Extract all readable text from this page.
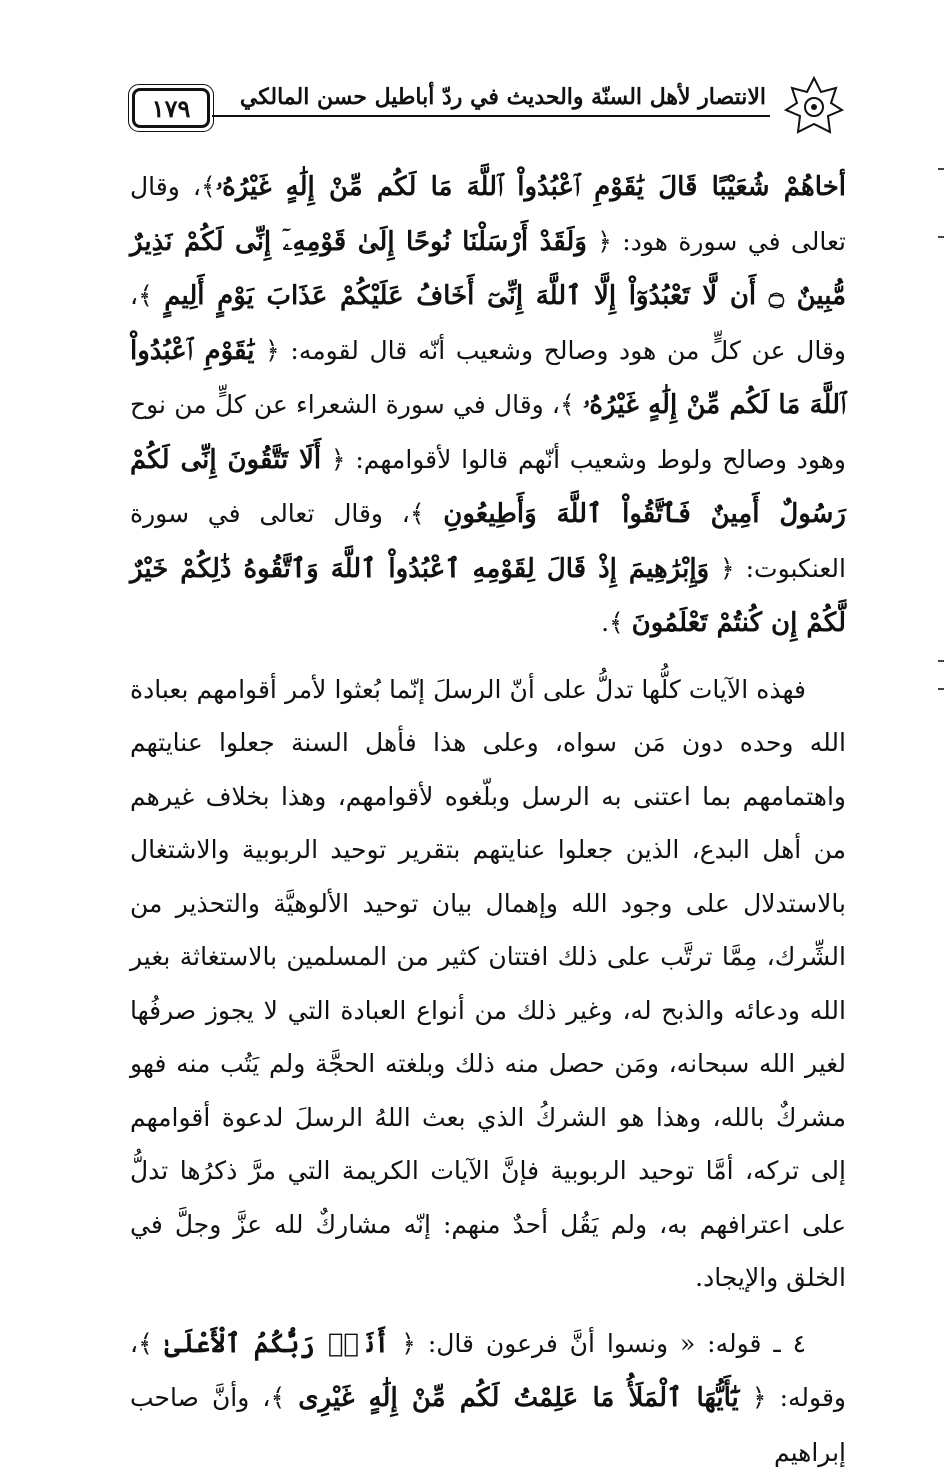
١٧٩	الانتصار لأهل السنّة والحديث في ردّ أباطيل حسن المالكي

أخاهُمْ شُعَيْبًا قَالَ يَٰقَوْمِ ٱعْبُدُواْ ٱللَّهَ مَا لَكُم مِّنْ إِلَٰهٍ غَيْرُهُۥ﴾، وقال تعالى في سورة هود: ﴿ وَلَقَدْ أَرْسَلْنَا نُوحًا إِلَىٰ قَوْمِهِۦٓ إِنِّى لَكُمْ نَذِيرٌ مُّبِينٌ ۝ أَن لَّا تَعْبُدُوٓاْ إِلَّا ٱللَّهَ إِنِّىٓ أَخَافُ عَلَيْكُمْ عَذَابَ يَوْمٍ أَلِيمٍ ﴾، وقال عن كلٍّ من هود وصالح وشعيب أنّه قال لقومه: ﴿ يَٰقَوْمِ ٱعْبُدُواْ ٱللَّهَ مَا لَكُم مِّنْ إِلَٰهٍ غَيْرُهُۥ ﴾، وقال في سورة الشعراء عن كلٍّ من نوح وهود وصالح ولوط وشعيب أنّهم قالوا لأقوامهم: ﴿ أَلَا تَتَّقُونَ إِنِّى لَكُمْ رَسُولٌ أَمِينٌ فَٱتَّقُواْ ٱللَّهَ وَأَطِيعُونِ ﴾، وقال تعالى في سورة العنكبوت: ﴿ وَإِبْرَٰهِيمَ إِذْ قَالَ لِقَوْمِهِ ٱعْبُدُواْ ٱللَّهَ وَٱتَّقُوهُ ذَٰلِكُمْ خَيْرٌ لَّكُمْ إِن كُنتُمْ تَعْلَمُونَ ﴾.

فهذه الآيات كلُّها تدلُّ على أنّ الرسلَ إنّما بُعثوا لأمر أقوامهم بعبادة الله وحده دون مَن سواه، وعلى هذا فأهل السنة جعلوا عنايتهم واهتمامهم بما اعتنى به الرسل وبلّغوه لأقوامهم، وهذا بخلاف غيرهم من أهل البدع، الذين جعلوا عنايتهم بتقرير توحيد الربوبية والاشتغال بالاستدلال على وجود الله وإهمال بيان توحيد الألوهيَّة والتحذير من الشِّرك، مِمَّا ترتَّب على ذلك افتتان كثير من المسلمين بالاستغاثة بغير الله ودعائه والذبح له، وغير ذلك من أنواع العبادة التي لا يجوز صرفُها لغير الله سبحانه، ومَن حصل منه ذلك وبلغته الحجَّة ولم يَتُب منه فهو مشركٌ بالله، وهذا هو الشركُ الذي بعث اللهُ الرسلَ لدعوة أقوامهم إلى تركه، أمَّا توحيد الربوبية فإنَّ الآيات الكريمة التي مرَّ ذكرُها تدلُّ على اعترافهم به، ولم يَقُل أحدٌ منهم: إنّه مشاركٌ لله عزَّ وجلَّ في الخلق والإيجاد.

٤ ـ قوله: « ونسوا أنَّ فرعون قال: ﴿ أَنَا۠ رَبُّكُمُ ٱلْأَعْلَىٰ ﴾، وقوله: ﴿ يَٰٓأَيُّهَا ٱلْمَلَأُ مَا عَلِمْتُ لَكُم مِّنْ إِلَٰهٍ غَيْرِى ﴾، وأنَّ صاحب إبراهيم
